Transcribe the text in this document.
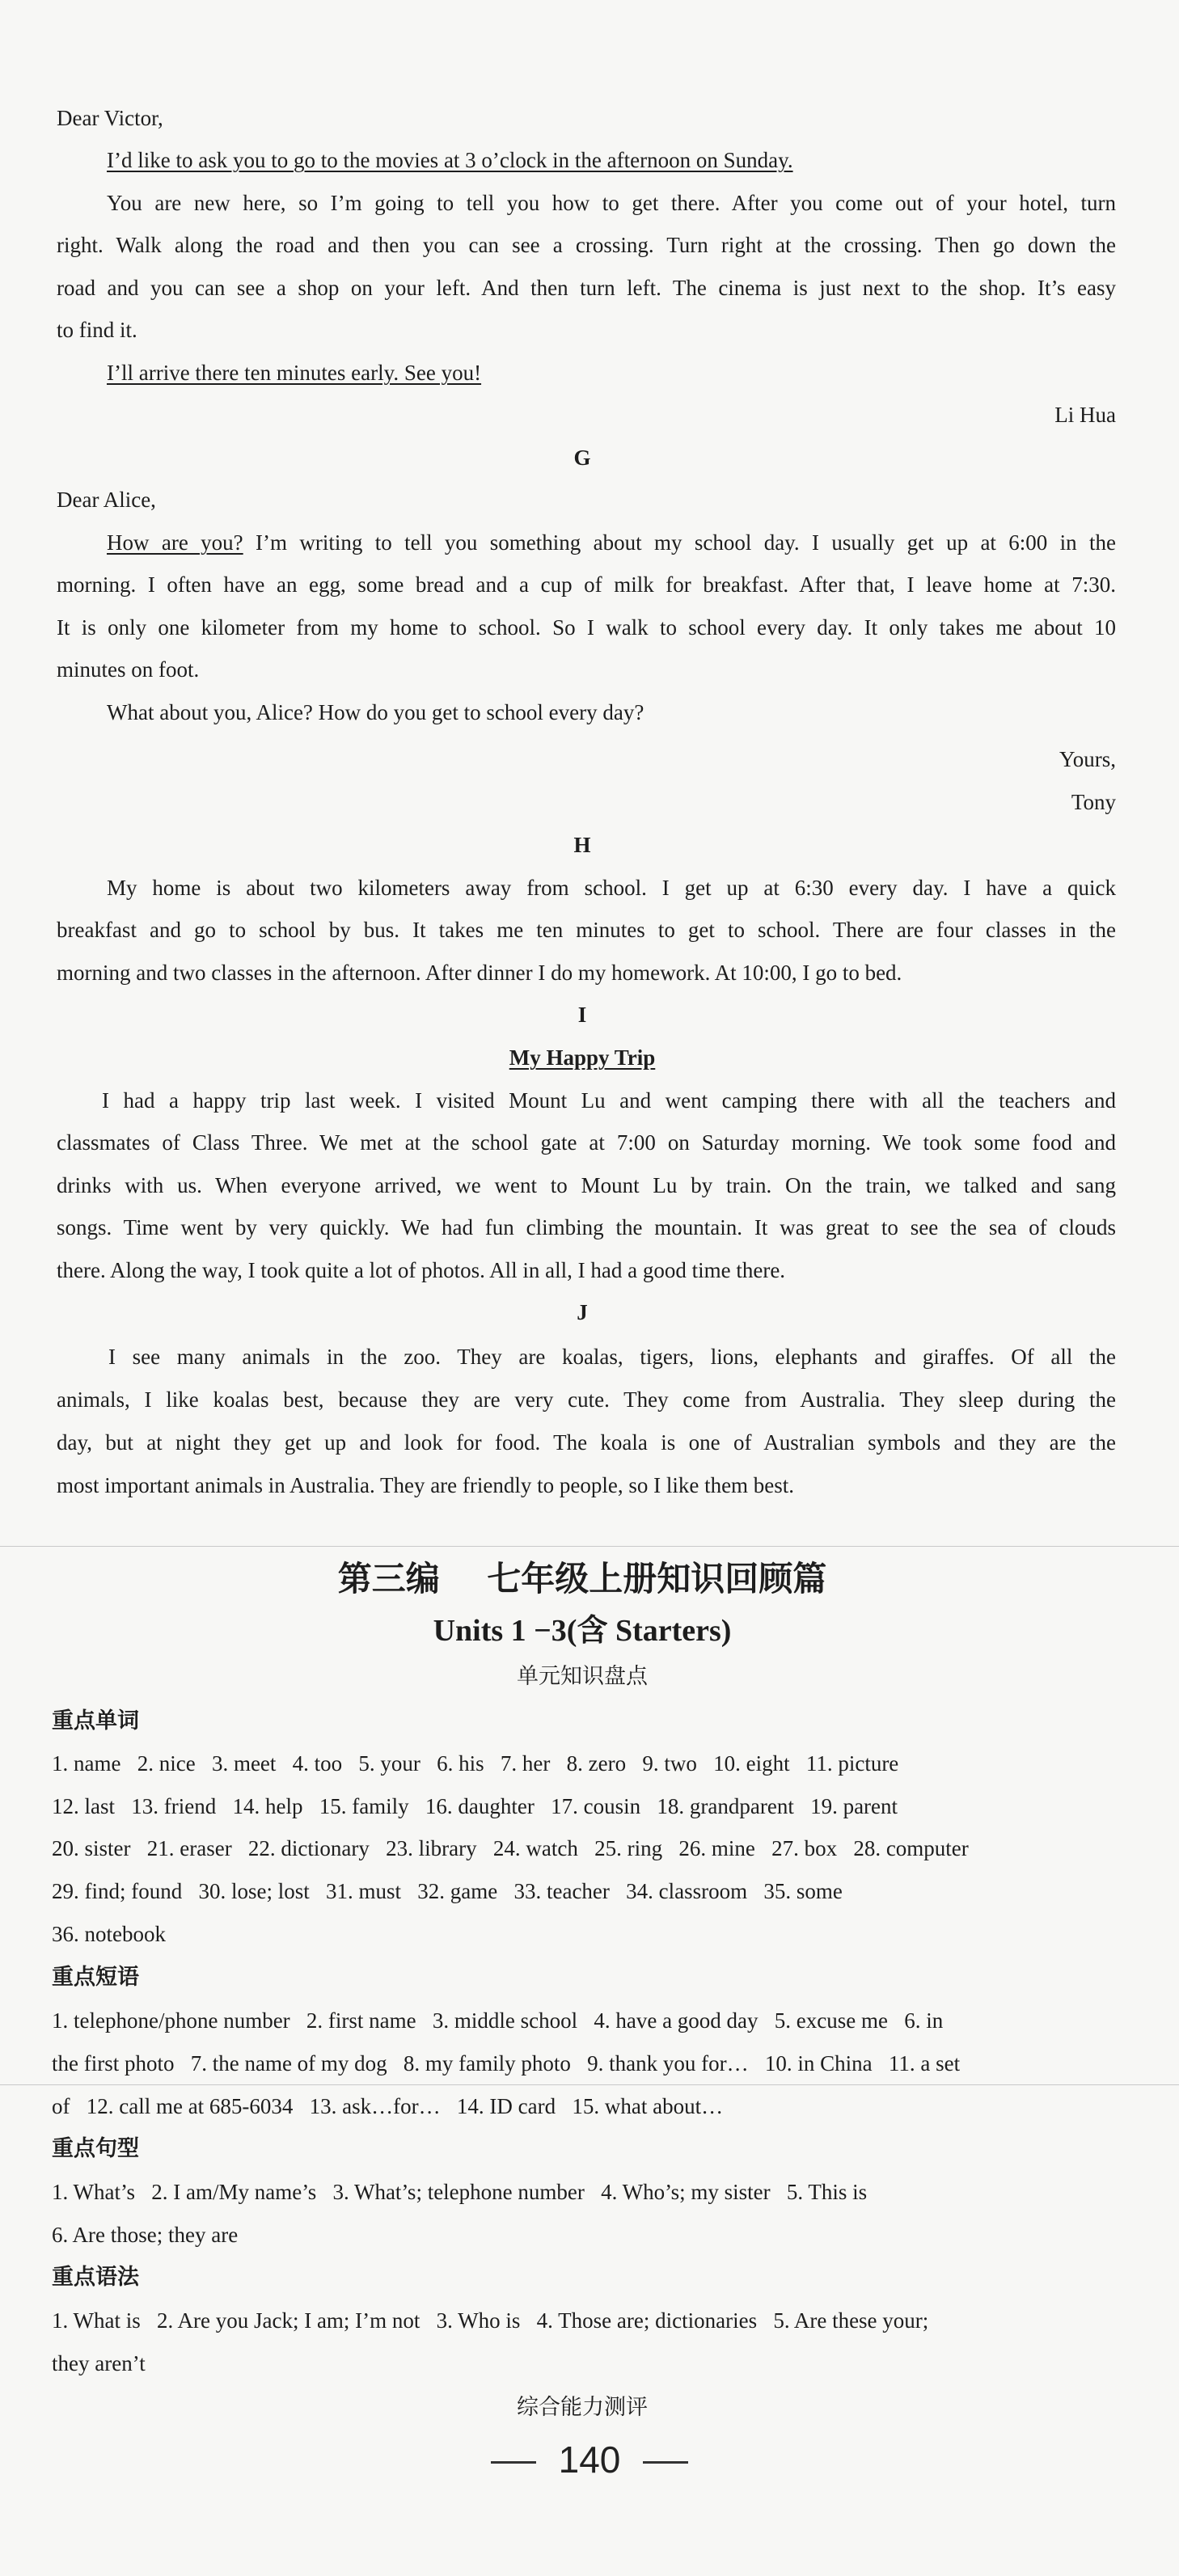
Dear Victor,
I’d like to ask you to go to the movies at 3 o’clock in the afternoon on Sunday.
You are new here, so I’m going to tell you how to get there. After you come out of your hotel, turn
right. Walk along the road and then you can see a crossing. Turn right at the crossing. Then go down the
road and you can see a shop on your left. And then turn left. The cinema is just next to the shop. It’s easy
to find it.
I’ll arrive there ten minutes early. See you!
Li Hua
G
Dear Alice,
How are you? I’m writing to tell you something about my school day. I usually get up at 6:00 in the
morning. I often have an egg, some bread and a cup of milk for breakfast. After that, I leave home at 7:30.
It is only one kilometer from my home to school. So I walk to school every day. It only takes me about 10
minutes on foot.
What about you, Alice? How do you get to school every day?
Yours,
Tony
H
My home is about two kilometers away from school. I get up at 6:30 every day. I have a quick
breakfast and go to school by bus. It takes me ten minutes to get to school. There are four classes in the
morning and two classes in the afternoon. After dinner I do my homework. At 10:00, I go to bed.
I
My Happy Trip
I had a happy trip last week. I visited Mount Lu and went camping there with all the teachers and
classmates of Class Three. We met at the school gate at 7:00 on Saturday morning. We took some food and
drinks with us. When everyone arrived, we went to Mount Lu by train. On the train, we talked and sang
songs. Time went by very quickly. We had fun climbing the mountain. It was great to see the sea of clouds
there. Along the way, I took quite a lot of photos. All in all, I had a good time there.
J
I see many animals in the zoo. They are koalas, tigers, lions, elephants and giraffes. Of all the
animals, I like koalas best, because they are very cute. They come from Australia. They sleep during the
day, but at night they get up and look for food. The koala is one of Australian symbols and they are the
most important animals in Australia. They are friendly to people, so I like them best.
第三编    七年级上册知识回顾篇
Units 1 −3(含 Starters)
单元知识盘点
重点单词
1. name   2. nice   3. meet   4. too   5. your   6. his   7. her   8. zero   9. two   10. eight   11. picture
12. last   13. friend   14. help   15. family   16. daughter   17. cousin   18. grandparent   19. parent
20. sister   21. eraser   22. dictionary   23. library   24. watch   25. ring   26. mine   27. box   28. computer
29. find; found   30. lose; lost   31. must   32. game   33. teacher   34. classroom   35. some
36. notebook
重点短语
1. telephone/phone number   2. first name   3. middle school   4. have a good day   5. excuse me   6. in
the first photo   7. the name of my dog   8. my family photo   9. thank you for…   10. in China   11. a set
of   12. call me at 685-6034   13. ask…for…   14. ID card   15. what about…
重点句型
1. What’s   2. I am/My name’s   3. What’s; telephone number   4. Who’s; my sister   5. This is
6. Are those; they are
重点语法
1. What is   2. Are you Jack; I am; I’m not   3. Who is   4. Those are; dictionaries   5. Are these your;
they aren’t
综合能力测评
140
